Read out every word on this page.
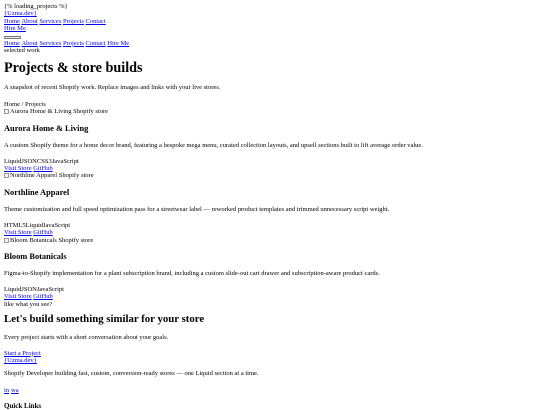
{% loading_projects %}
{Uzma.dev}
Home About Services Projects Contact
Hire Me
Home About Services Projects Contact Hire Me
selected work
Projects & store builds

A snapshot of recent Shopify work. Replace images and links with your live stores.

Home / Projects
Aurora Home & Living Shopify store
Aurora Home & Living

A custom Shopify theme for a home decor brand, featuring a bespoke mega menu, curated collection layouts, and upsell sections built to lift average order value.

LiquidJSONCSS3JavaScript
Visit Store GitHub
Northline Apparel Shopify store
Northline Apparel

Theme customization and full speed optimization pass for a streetwear label — reworked product templates and trimmed unnecessary script weight.

HTML5LiquidJavaScript
Visit Store GitHub
Bloom Botanicals Shopify store
Bloom Botanicals

Figma-to-Shopify implementation for a plant subscription brand, including a custom slide-out cart drawer and subscription-aware product cards.

LiquidJSONJavaScript
Visit Store GitHub
like what you see?
Let's build something similar for your store

Every project starts with a short conversation about your goals.

Start a Project
{Uzma.dev}

Shopify Developer building fast, custom, conversion-ready stores — one Liquid section at a time.

in wa
Quick Links
